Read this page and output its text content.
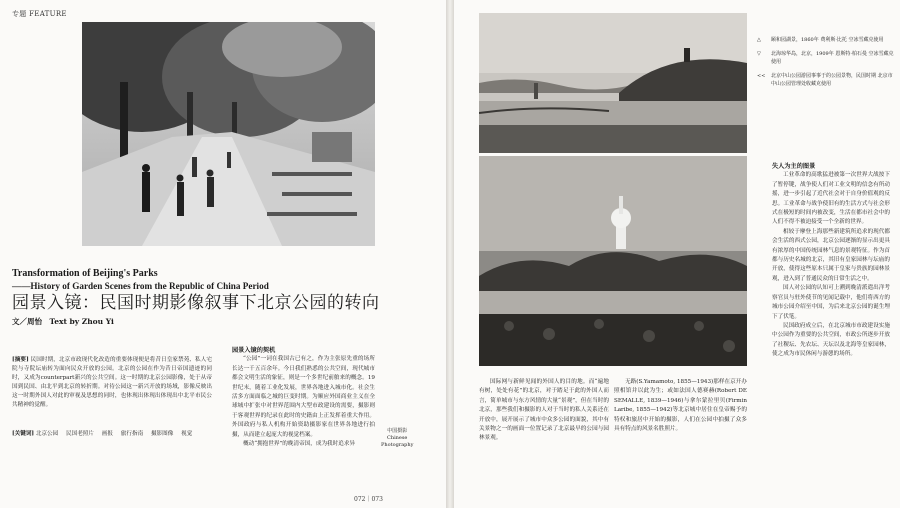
专题 FEATURE
Transformation of Beijing's Parks
——History of Garden Scenes from the Republic of China Period
园景入镜：民国时期影像叙事下北京公园的转向
文／周怡　Text by Zhou Yi
[摘要] 民国时期，北京市政现代化改造的重要体现便是将昔日皇家禁苑、私人宅院与寺院坛庙转为面向民众开放的公园。北京的公园在作为昔日帝国遗迹的同时，又成为counterpart新兴的公共空间。这一时期的北京公园影像，处于从帝国到民国、由北平到北京的转折期。对待公园这一新兴开放的场域，影像反映出这一时期外国人对此的审视及思想的同时，也体现出体现出体现出中北平市民公共精神的觉醒。
[关键词] 北京公园 民国老照片 画报 旅行指南 摄影图像 视觉

园景入镜的契机

“公园”一词在我国古已有之，作为主张原先重的场所长达一千五百余年。今日我们熟悉的公共空间，现代城市都会文明生活的象征，则是一个多世纪前舶来的概念。19世纪末，随着工业化发展，世界各地进入城市化。社会生活多方面面临之城的巨变时期。为顺应外国商业主义在全球城中扩张中对世界范围内大型市政建设的需要，摄影则于客观世界的纪录在此时的史籍由上正发挥着重大作用。外国政府与私人机构开始资助摄影家在世界各地进行拍摄，从而建立起庞大的视觉档案。

概动“拥抱世界”的晚清帝国，成为我时追求异

中国摄影
Chinese
Photography
072｜073
△	颐和园湖景，1860年 费利斯·比托 空冰雪藏克使用
▽	北海琼华岛，北京，1909年 恩斯特·柏石曼 空冰雪藏克使用
<<	北京中山公园游园事事于的公园景物，民国时期 北京市中山公园管理处收藏克使用

国际网与新鲜见闻的外国人的目的地。而“遍地有树，处处有花”的北京，对于踏足于此的外国人而言，简单城市与东方风情的大量“景观”，但在当时的北京，那些我们和摄影的人对于当时的私人关系还在开放中，展开展示了城市中众多公园的面貌，其中有关景物之一的画面一位置记录了北京最早的公园与园林景观。

无路(S.Yamamoto, 1855—1943)那样在京开办照相馆并以此为生；或如法国人德赛赫(Robert DE SEMALLE, 1839—1946)与拿尔蒙拉里贝(Firmin Laribe, 1855—1942)等北京城中居住在皇帝赐予的特权和旅居中开始的摄影，人们在公园中拍摄了众多具有特点的风景名胜照片。

失人为主的图景

工业革命的高歌猛进被第一次世界大战按下了暂停键，战争使人们对工业文明的信念有所动摇，进一步引起了近代社会对于自身价值观的反思。工业革命与战争使旧有的生活方式与社会形式在极短的时间内被改变，生活在都市社会中的人们不得不被迫接受一个全新的世界。

相较于摩登上海那些新建筑所追求的现代都会生活的西式公园，北京公园逐渐的显示出更具有浓厚的中国传统园林气息的景观特征。作为首都与历史名城的北京，其旧有皇家园林与坛庙的开放，使得这些原本只属于皇家与贵族的园林景观，进入到了普通民众的日常生活之中。

国人对公园的认知可上溯到晚清派遣出洋考察官员与驻外使节的见闻记载中，他们将西方的城市公园介绍至中国，为后来北京公园的诞生埋下了伏笔。

民国政府成立后，在北京城市市政建设实施中公园作为重要的公共空间，市政公所逐步开放了社稷坛、先农坛、天坛以及北海等皇家园林，使之成为市民休闲与游憩的场所。
